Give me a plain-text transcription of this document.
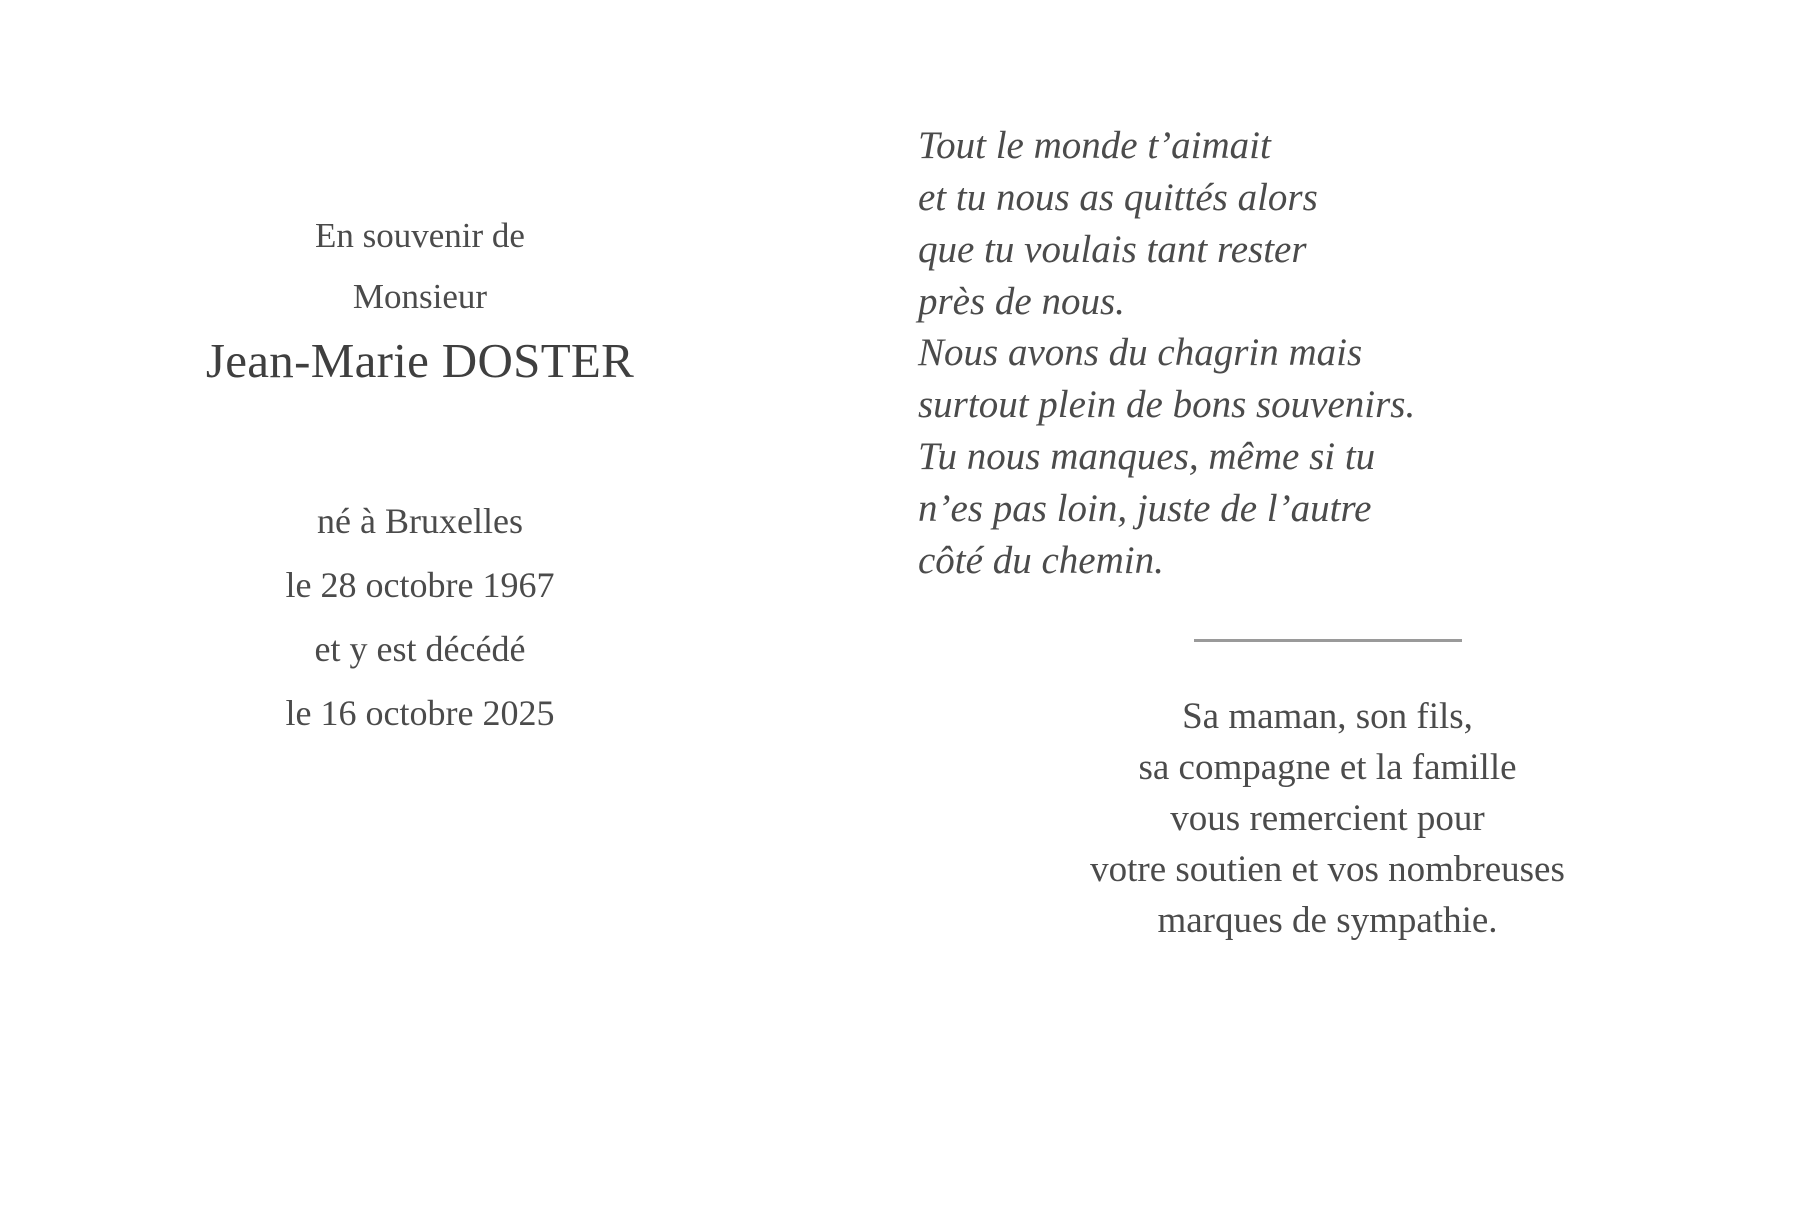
En souvenir de
Monsieur
Jean-Marie DOSTER
né à Bruxelles
le 28 octobre 1967
et y est décédé
le 16 octobre 2025
Tout le monde t’aimait
et tu nous as quittés alors
que tu voulais tant rester
près de nous.
Nous avons du chagrin mais
surtout plein de bons souvenirs.
Tu nous manques, même si tu
n’es pas loin, juste de l’autre
côté du chemin.
Sa maman, son fils,
sa compagne et la famille
vous remercient pour
votre soutien et vos nombreuses
marques de sympathie.
